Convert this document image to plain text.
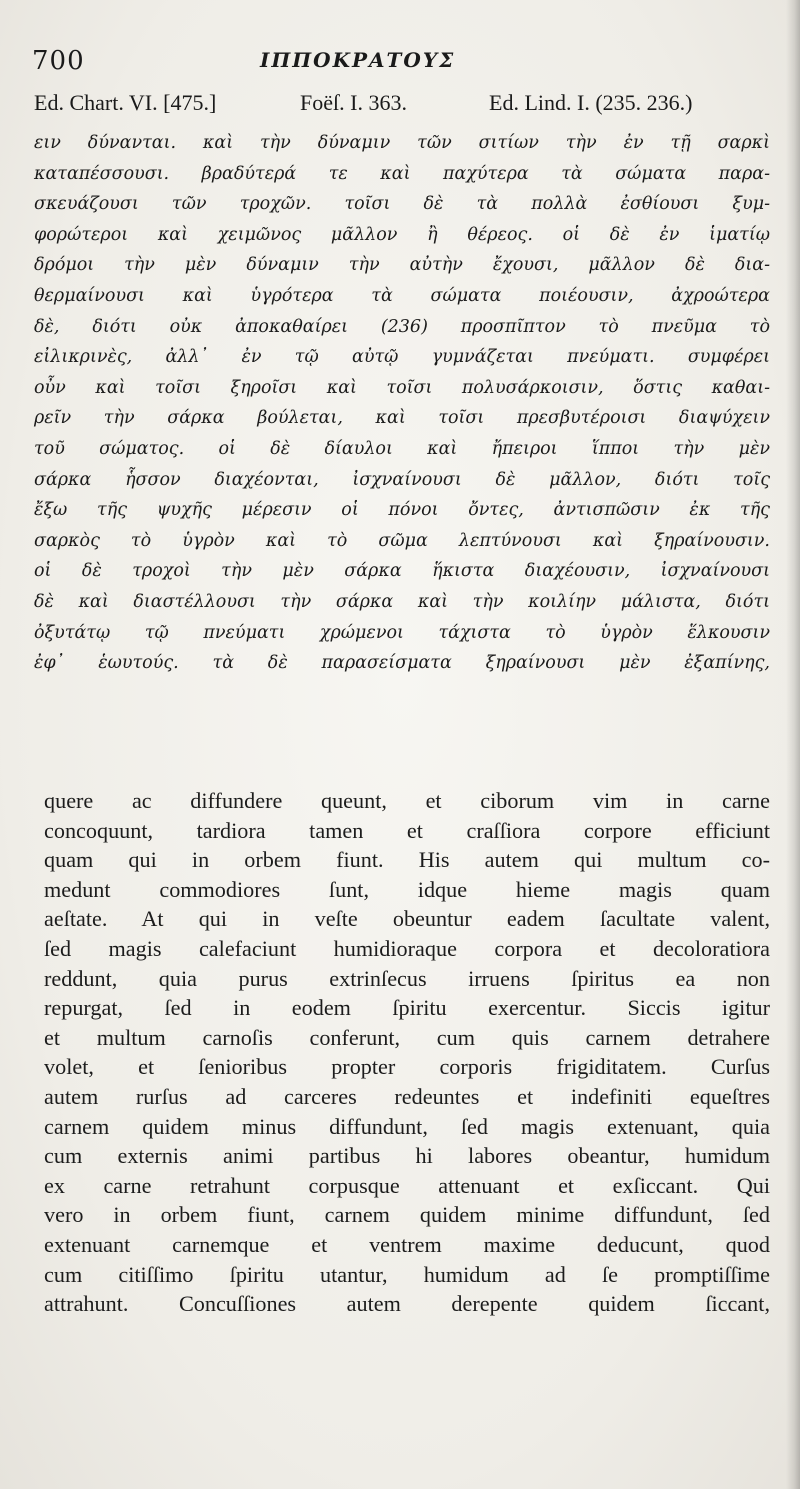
700	ΙΠΠΟΚΡΑΤΟΥΣ
Ed. Chart. VI. [475.]	Foëſ. I. 363.	Ed. Lind. I. (235. 236.)
ειν δύνανται. καὶ τὴν δύναμιν τῶν σιτίων τὴν ἐν τῇ σαρκὶ
καταπέσσουσι. βραδύτερά τε καὶ παχύτερα τὰ σώματα παρα-
σκευάζουσι τῶν τροχῶν. τοῖσι δὲ τὰ πολλὰ ἐσθίουσι ξυμ-
φορώτεροι καὶ χειμῶνος μᾶλλον ἢ θέρεος. οἱ δὲ ἐν ἱματίῳ
δρόμοι τὴν μὲν δύναμιν τὴν αὐτὴν ἔχουσι, μᾶλλον δὲ δια-
θερμαίνουσι καὶ ὑγρότερα τὰ σώματα ποιέουσιν, ἀχροώτερα
δὲ, διότι οὐκ ἀποκαθαίρει (236) προσπῖπτον τὸ πνεῦμα τὸ
εἰλικρινὲς, ἀλλ᾽ ἐν τῷ αὐτῷ γυμνάζεται πνεύματι. συμφέρει
οὖν καὶ τοῖσι ξηροῖσι καὶ τοῖσι πολυσάρκοισιν, ὅστις καθαι-
ρεῖν τὴν σάρκα βούλεται, καὶ τοῖσι πρεσβυτέροισι διαψύχειν
τοῦ σώματος. οἱ δὲ δίαυλοι καὶ ἤπειροι ἵπποι τὴν μὲν
σάρκα ἧσσον διαχέονται, ἰσχναίνουσι δὲ μᾶλλον, διότι τοῖς
ἔξω τῆς ψυχῆς μέρεσιν οἱ πόνοι ὄντες, ἀντισπῶσιν ἐκ τῆς
σαρκὸς τὸ ὑγρὸν καὶ τὸ σῶμα λεπτύνουσι καὶ ξηραίνουσιν.
οἱ δὲ τροχοὶ τὴν μὲν σάρκα ἥκιστα διαχέουσιν, ἰσχναίνουσι
δὲ καὶ διαστέλλουσι τὴν σάρκα καὶ τὴν κοιλίην μάλιστα, διότι
ὀξυτάτῳ τῷ πνεύματι χρώμενοι τάχιστα τὸ ὑγρὸν ἕλκουσιν
ἐφ᾽ ἑωυτούς. τὰ δὲ παρασείσματα ξηραίνουσι μὲν ἐξαπίνης,
quere ac diffundere queunt, et ciborum vim in carne
concoquunt, tardiora tamen et craſſiora corpore efficiunt
quam qui in orbem fiunt. His autem qui multum co-
medunt commodiores ſunt, idque hieme magis quam
aeſtate. At qui in veſte obeuntur eadem ſacultate valent,
ſed magis calefaciunt humidioraque corpora et decoloratiora
reddunt, quia purus extrinſecus irruens ſpiritus ea non
repurgat, ſed in eodem ſpiritu exercentur. Siccis igitur
et multum carnoſis conferunt, cum quis carnem detrahere
volet, et ſenioribus propter corporis frigiditatem. Curſus
autem rurſus ad carceres redeuntes et indefiniti equeſtres
carnem quidem minus diffundunt, ſed magis extenuant, quia
cum externis animi partibus hi labores obeantur, humidum
ex carne retrahunt corpusque attenuant et exſiccant. Qui
vero in orbem fiunt, carnem quidem minime diffundunt, ſed
extenuant carnemque et ventrem maxime deducunt, quod
cum citiſſimo ſpiritu utantur, humidum ad ſe promptiſſime
attrahunt. Concuſſiones autem derepente quidem ſiccant,
